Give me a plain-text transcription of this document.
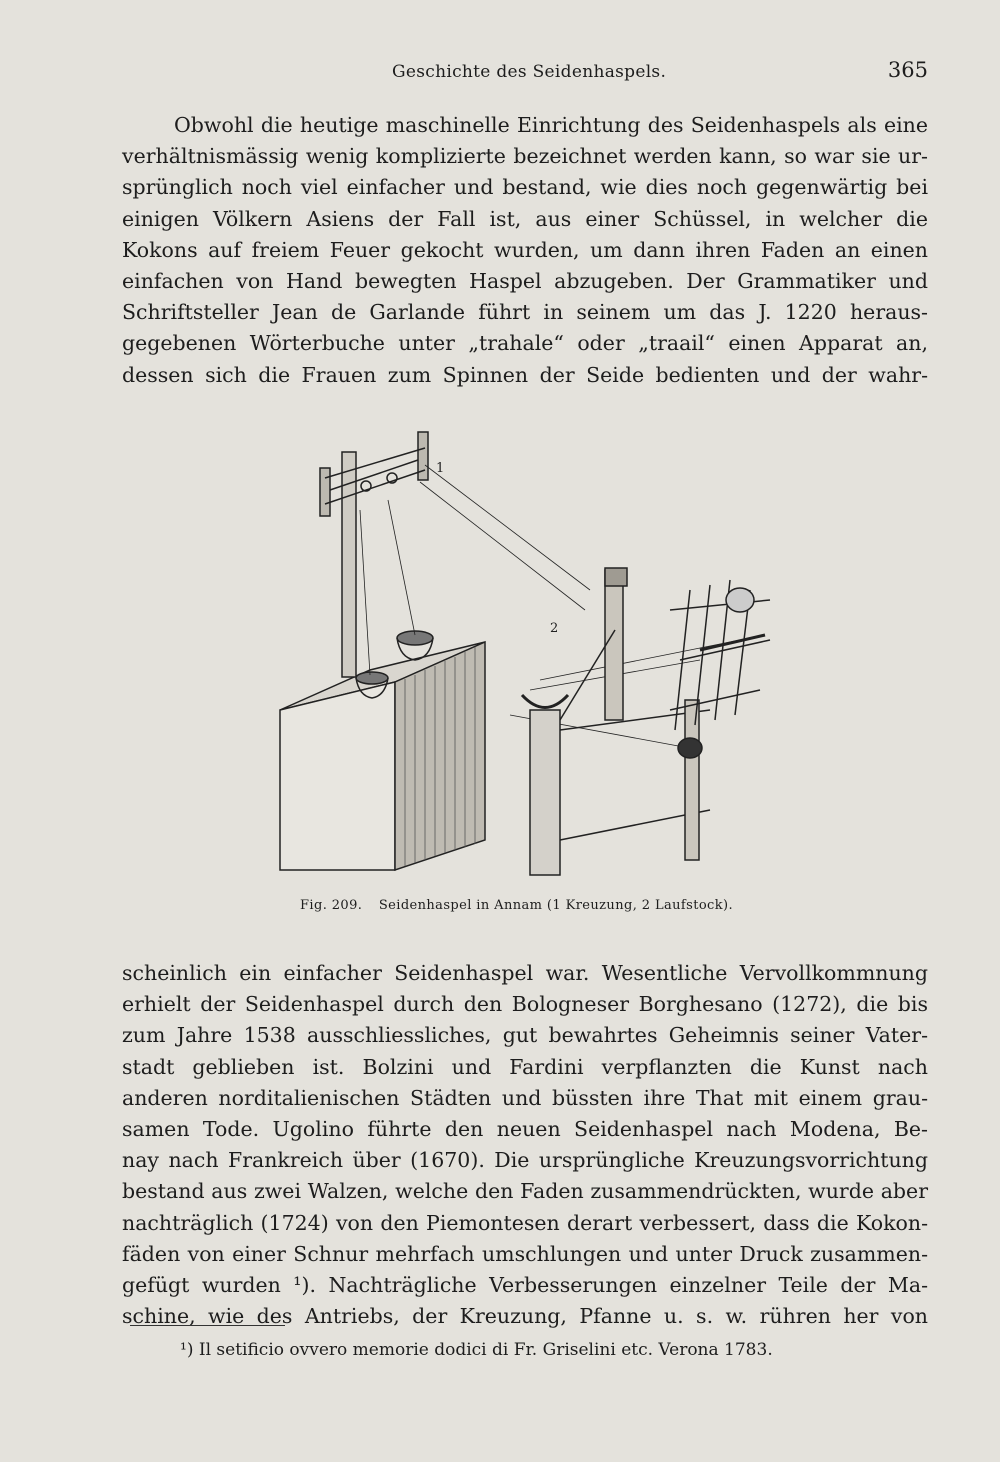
Geschichte des Seidenhaspels.	365
Obwohl die heutige maschinelle Einrichtung des Seidenhaspels als eine
verhältnismässig wenig komplizierte bezeichnet werden kann, so war sie ur-
sprünglich noch viel einfacher und bestand, wie dies noch gegenwärtig bei
einigen Völkern Asiens der Fall ist, aus einer Schüssel, in welcher die
Kokons auf freiem Feuer gekocht wurden, um dann ihren Faden an einen
einfachen von Hand bewegten Haspel abzugeben. Der Grammatiker und
Schriftsteller Jean de Garlande führt in seinem um das J. 1220 heraus-
gegebenen Wörterbuche unter „trahale“ oder „traail“ einen Apparat an,
dessen sich die Frauen zum Spinnen der Seide bedienten und der wahr-
1
2
Fig. 209. Seidenhaspel in Annam (1 Kreuzung, 2 Laufstock).
scheinlich ein einfacher Seidenhaspel war. Wesentliche Vervollkommnung
erhielt der Seidenhaspel durch den Bologneser Borghesano (1272), die bis
zum Jahre 1538 ausschliessliches, gut bewahrtes Geheimnis seiner Vater-
stadt geblieben ist. Bolzini und Fardini verpflanzten die Kunst nach
anderen norditalienischen Städten und büssten ihre That mit einem grau-
samen Tode. Ugolino führte den neuen Seidenhaspel nach Modena, Be-
nay nach Frankreich über (1670). Die ursprüngliche Kreuzungsvorrichtung
bestand aus zwei Walzen, welche den Faden zusammendrückten, wurde aber
nachträglich (1724) von den Piemontesen derart verbessert, dass die Kokon-
fäden von einer Schnur mehrfach umschlungen und unter Druck zusammen-
gefügt wurden ¹). Nachträgliche Verbesserungen einzelner Teile der Ma-
schine, wie des Antriebs, der Kreuzung, Pfanne u. s. w. rühren her von
¹) Il setificio ovvero memorie dodici di Fr. Griselini etc. Verona 1783.
